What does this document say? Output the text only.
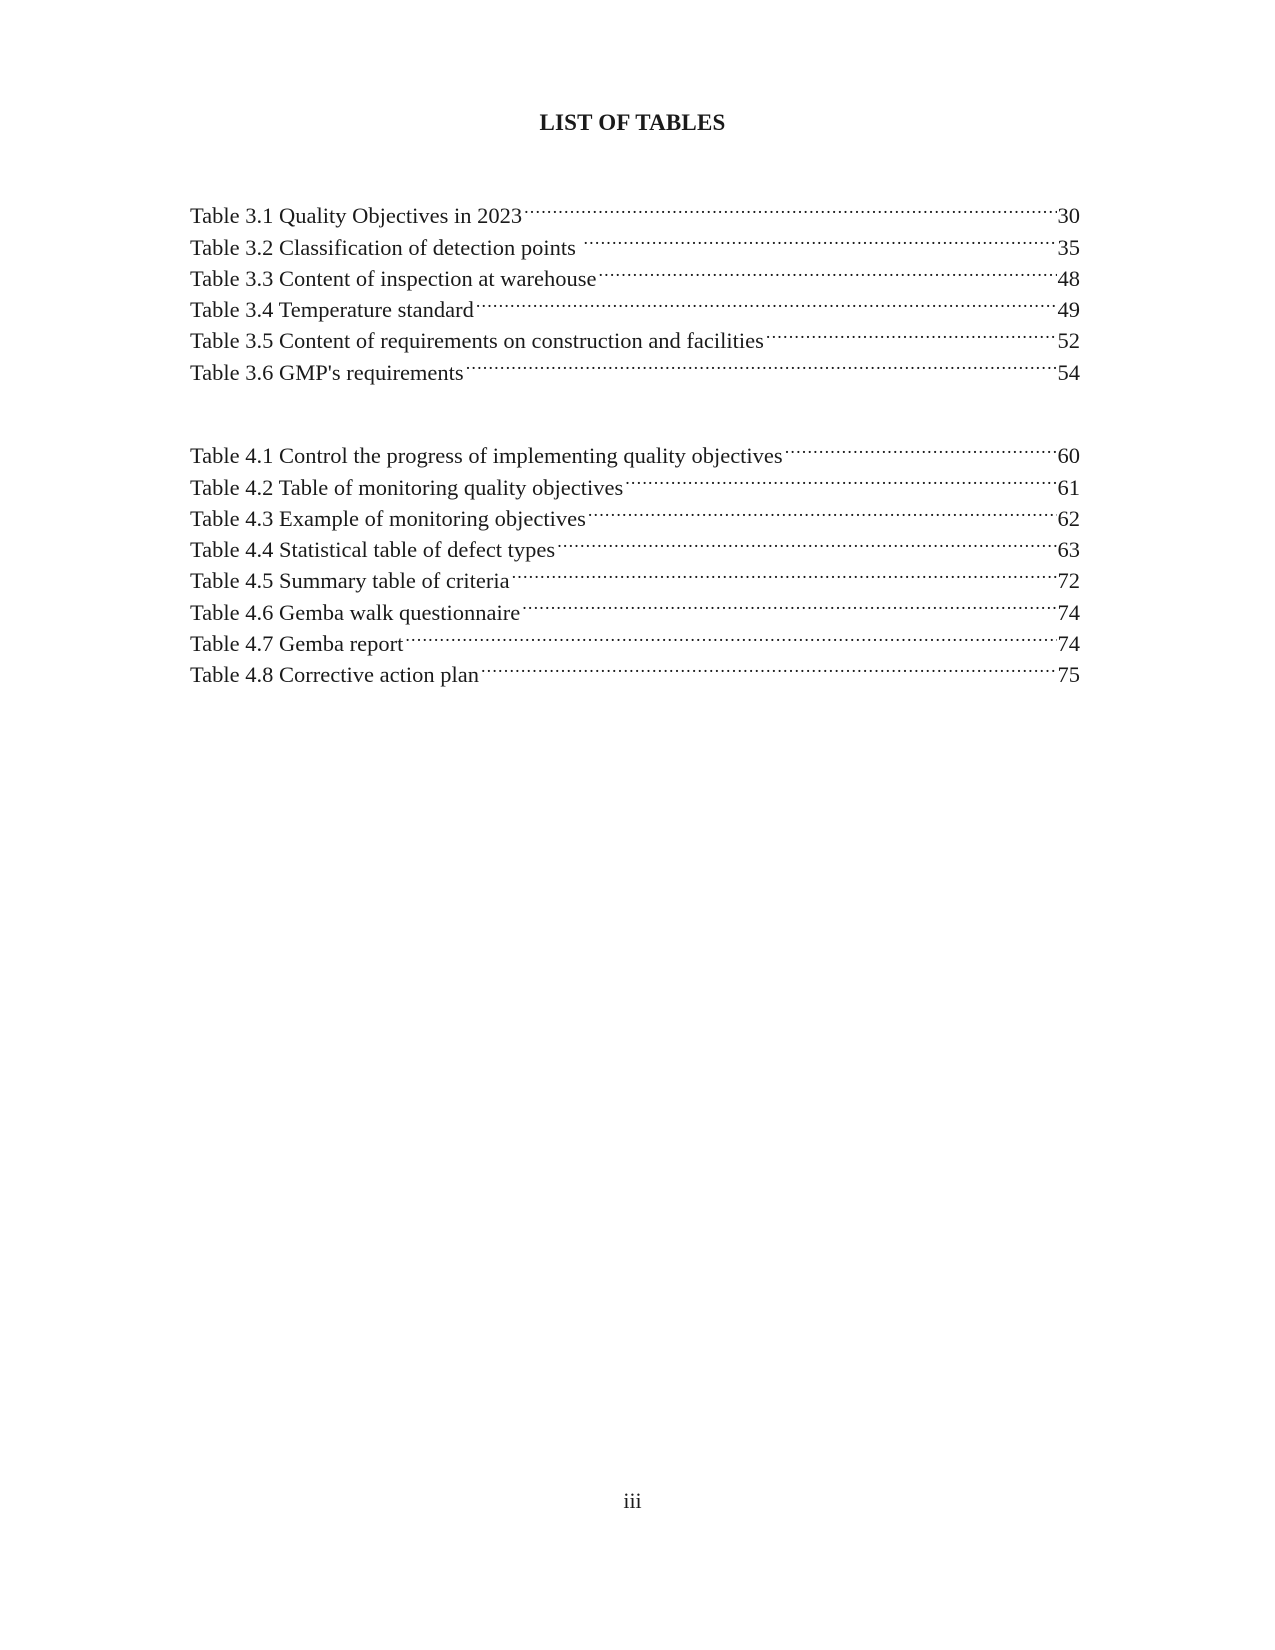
LIST OF TABLES
Table 3.1 Quality Objectives in 2023 .....	30
Table 3.2 Classification of detection points .....	35
Table 3.3 Content of inspection at warehouse .....	48
Table 3.4 Temperature standard .....	49
Table 3.5 Content of requirements on construction and facilities .....	52
Table 3.6 GMP's requirements .....	54
Table 4.1 Control the progress of implementing quality objectives .....	60
Table 4.2 Table of monitoring quality objectives .....	61
Table 4.3 Example of monitoring objectives .....	62
Table 4.4 Statistical table of defect types .....	63
Table 4.5 Summary table of criteria .....	72
Table 4.6 Gemba walk questionnaire .....	74
Table 4.7 Gemba report .....	74
Table 4.8 Corrective action plan .....	75
iii
